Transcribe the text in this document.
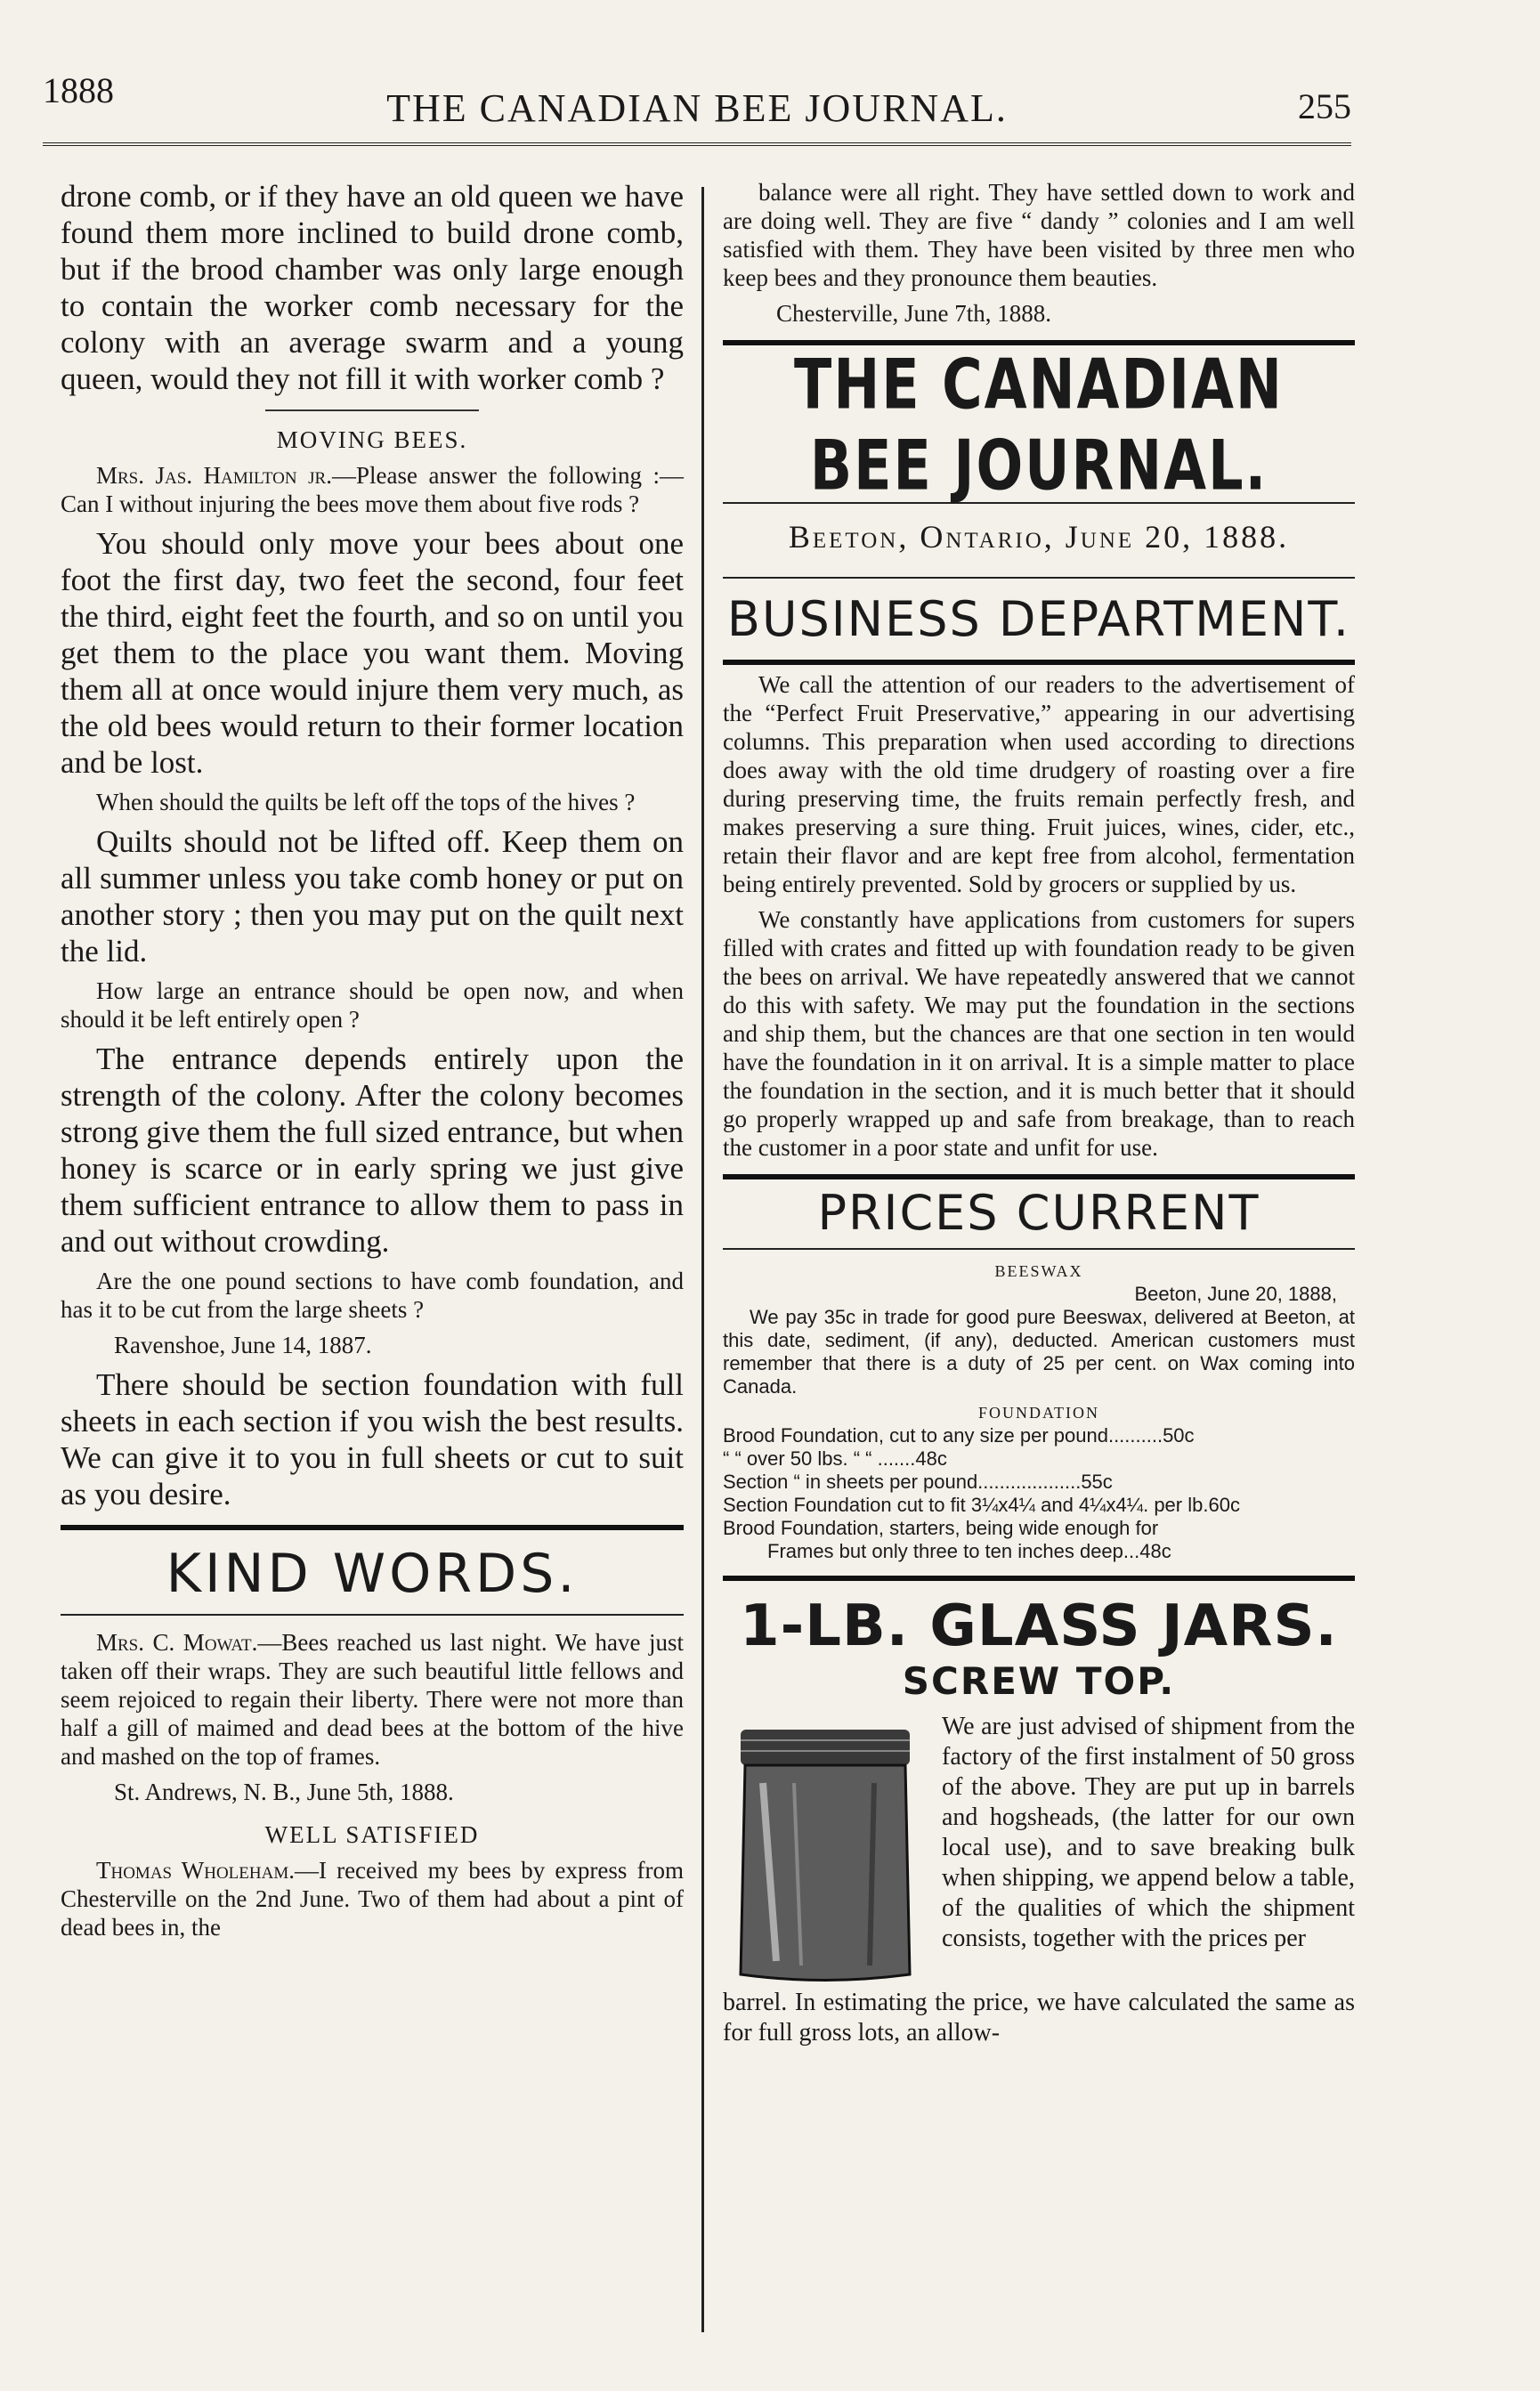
1888	THE CANADIAN BEE JOURNAL.	255

drone comb, or if they have an old queen we have found them more inclined to build drone comb, but if the brood chamber was only large enough to contain the worker comb necessary for the colony with an average swarm and a young queen, would they not fill it with worker comb ?

MOVING BEES.

Mrs. Jas. Hamilton jr.—Please answer the following :—Can I without injuring the bees move them about five rods ?

You should only move your bees about one foot the first day, two feet the second, four feet the third, eight feet the fourth, and so on until you get them to the place you want them. Moving them all at once would injure them very much, as the old bees would return to their former location and be lost.

When should the quilts be left off the tops of the hives ?

Quilts should not be lifted off. Keep them on all summer unless you take comb honey or put on another story ; then you may put on the quilt next the lid.

How large an entrance should be open now, and when should it be left entirely open ?

The entrance depends entirely upon the strength of the colony. After the colony becomes strong give them the full sized entrance, but when honey is scarce or in early spring we just give them sufficient entrance to allow them to pass in and out without crowding.

Are the one pound sections to have comb foundation, and has it to be cut from the large sheets ?

Ravenshoe, June 14, 1887.

There should be section foundation with full sheets in each section if you wish the best results. We can give it to you in full sheets or cut to suit as you desire.

KIND WORDS.

Mrs. C. Mowat.—Bees reached us last night. We have just taken off their wraps. They are such beautiful little fellows and seem rejoiced to regain their liberty. There were not more than half a gill of maimed and dead bees at the bottom of the hive and mashed on the top of frames.

St. Andrews, N. B., June 5th, 1888.

WELL SATISFIED

Thomas Wholeham.—I received my bees by express from Chesterville on the 2nd June. Two of them had about a pint of dead bees in, the

balance were all right. They have settled down to work and are doing well. They are five “ dandy ” colonies and I am well satisfied with them. They have been visited by three men who keep bees and they pronounce them beauties.

Chesterville, June 7th, 1888.

THE CANADIAN BEE JOURNAL.
Beeton, Ontario, June 20, 1888.
BUSINESS DEPARTMENT.

We call the attention of our readers to the advertisement of the “Perfect Fruit Preservative,” appearing in our advertising columns. This preparation when used according to directions does away with the old time drudgery of roasting over a fire during preserving time, the fruits remain perfectly fresh, and makes preserving a sure thing. Fruit juices, wines, cider, etc., retain their flavor and are kept free from alcohol, fermentation being entirely prevented. Sold by grocers or supplied by us.

We constantly have applications from customers for supers filled with crates and fitted up with foundation ready to be given the bees on arrival. We have repeatedly answered that we cannot do this with safety. We may put the foundation in the sections and ship them, but the chances are that one section in ten would have the foundation in it on arrival. It is a simple matter to place the foundation in the section, and it is much better that it should go properly wrapped up and safe from breakage, than to reach the customer in a poor state and unfit for use.

PRICES CURRENT
BEESWAX

Beeton, June 20, 1888,

We pay 35c in trade for good pure Beeswax, delivered at Beeton, at this date, sediment, (if any), deducted. American customers must remember that there is a duty of 25 per cent. on Wax coming into Canada.

FOUNDATION

Brood Foundation, cut to any size per pound..........50c

“ “ over 50 lbs. “ “ .......48c

Section “ in sheets per pound...................55c

Section Foundation cut to fit 3¼x4¼ and 4¼x4¼. per lb.60c

Brood Foundation, starters, being wide enough for

Frames but only three to ten inches deep...48c

1-LB. GLASS JARS.
SCREW TOP.

We are just advised of shipment from the factory of the first instalment of 50 gross of the above. They are put up in barrels and hogsheads, (the latter for our own local use), and to save breaking bulk when shipping, we append below a table, of the qualities of which the shipment consists, together with the prices per

barrel. In estimating the price, we have calculated the same as for full gross lots, an allow-
